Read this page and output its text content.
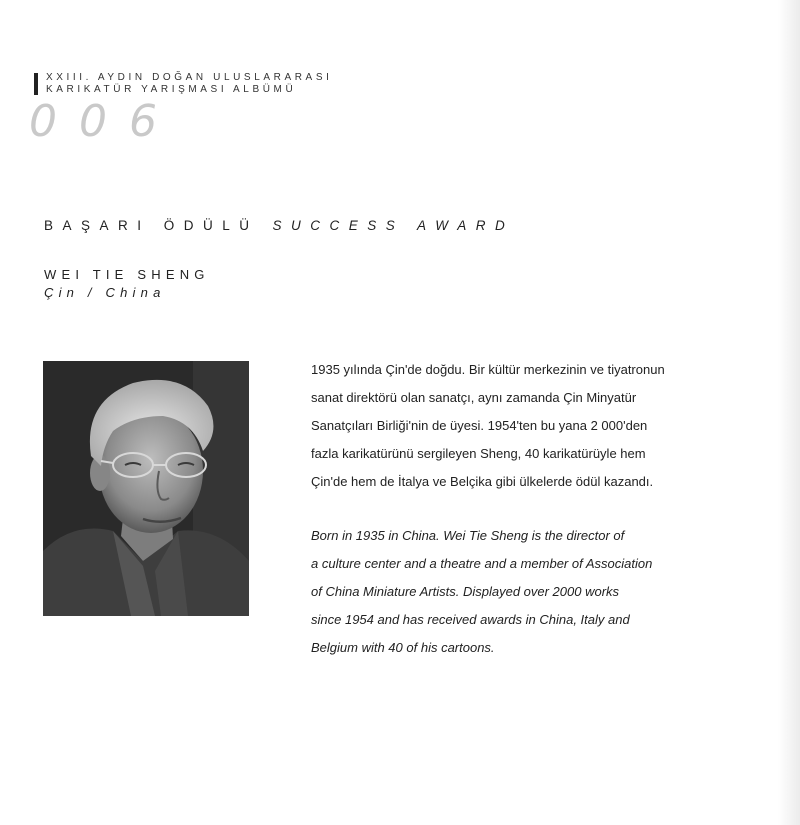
XXIII. AYDIN DOĞAN ULUSLARARASI
KARIKATÜR YARIŞMASI ALBÜMÜ
006
BAŞARI ÖDÜLÜ SUCCESS AWARD
WEI TIE SHENG
Çin / China

1935 yılında Çin'de doğdu. Bir kültür merkezinin ve tiyatronun

sanat direktörü olan sanatçı, aynı zamanda Çin Minyatür

Sanatçıları Birliği'nin de üyesi. 1954'ten bu yana 2 000'den

fazla karikatürünü sergileyen Sheng, 40 karikatürüyle hem

Çin'de hem de İtalya ve Belçika gibi ülkelerde ödül kazandı.

Born in 1935 in China. Wei Tie Sheng is the director of

a culture center and a theatre and a member of Association

of China Miniature Artists. Displayed over 2000 works

since 1954 and has received awards in China, Italy and

Belgium with 40 of his cartoons.
